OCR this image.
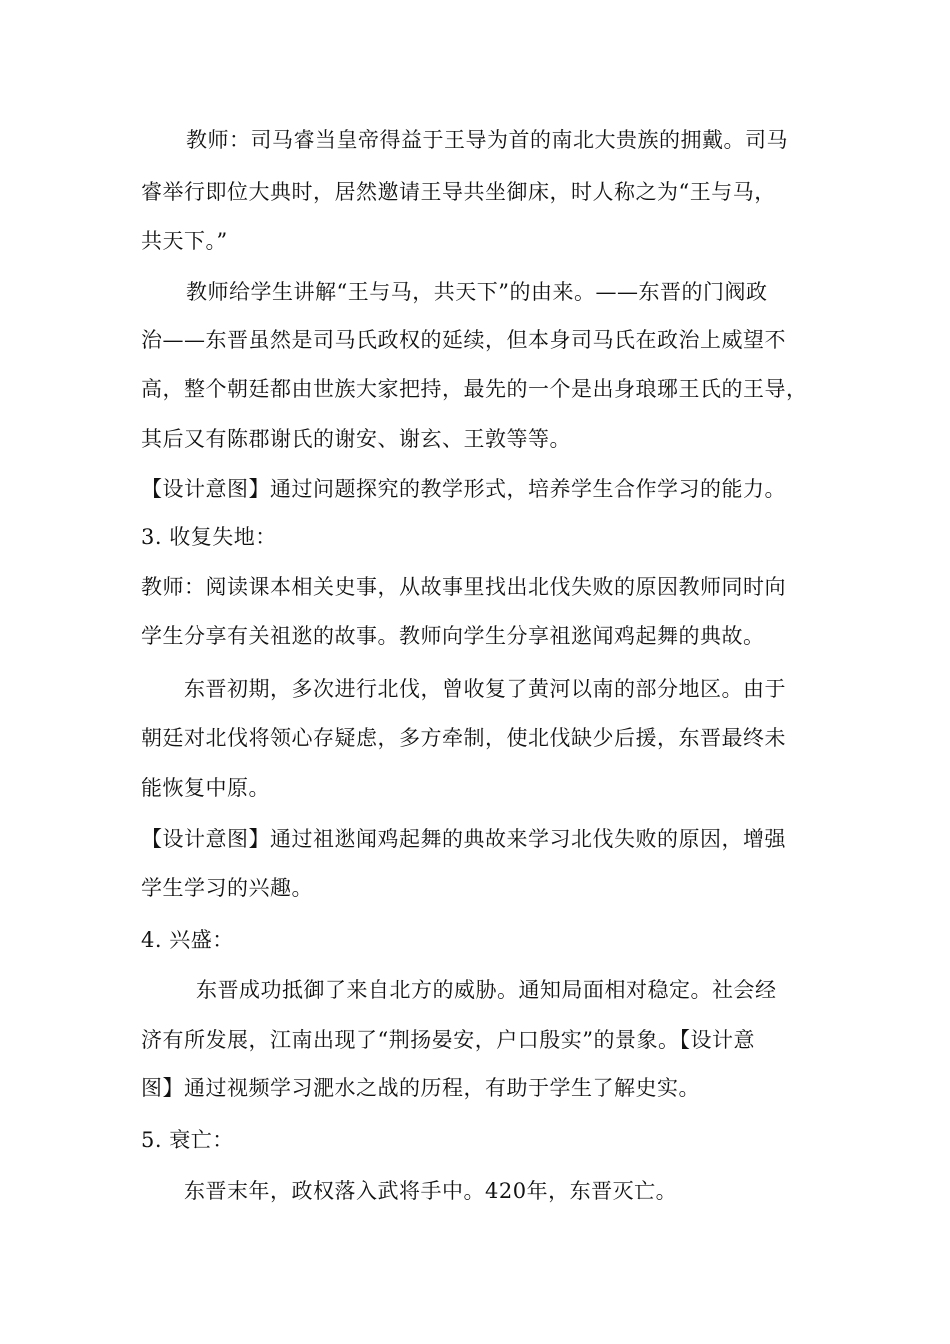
教师：司马睿当皇帝得益于王导为首的南北大贵族的拥戴。司马
睿举行即位大典时，居然邀请王导共坐御床，时人称之为“王与马，
共天下。”
教师给学生讲解“王与马，共天下”的由来。——东晋的门阀政
治——东晋虽然是司马氏政权的延续，但本身司马氏在政治上威望不
高，整个朝廷都由世族大家把持，最先的一个是出身琅琊王氏的王导，
其后又有陈郡谢氏的谢安、谢玄、王敦等等。
【设计意图】通过问题探究的教学形式，培养学生合作学习的能力。
3. 收复失地：
教师：阅读课本相关史事，从故事里找出北伐失败的原因教师同时向
学生分享有关祖逖的故事。教师向学生分享祖逖闻鸡起舞的典故。
东晋初期，多次进行北伐，曾收复了黄河以南的部分地区。由于
朝廷对北伐将领心存疑虑，多方牵制，使北伐缺少后援，东晋最终未
能恢复中原。
【设计意图】通过祖逖闻鸡起舞的典故来学习北伐失败的原因，增强
学生学习的兴趣。
4. 兴盛：
东晋成功抵御了来自北方的威胁。通知局面相对稳定。社会经
济有所发展，江南出现了“荆扬晏安，户口殷实”的景象。【设计意
图】通过视频学习淝水之战的历程，有助于学生了解史实。
5. 衰亡：
东晋末年，政权落入武将手中。420年，东晋灭亡。
